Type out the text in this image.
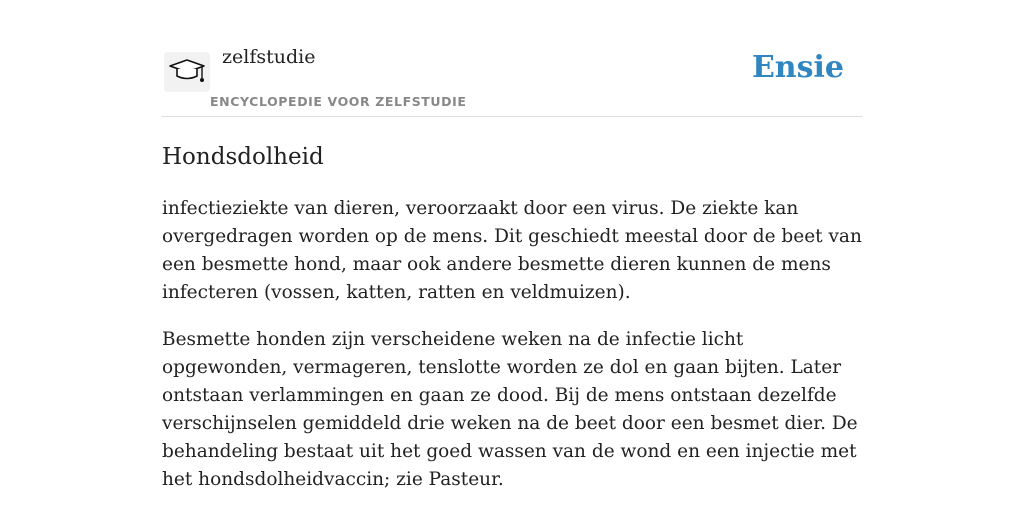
zelfstudie
ENCYCLOPEDIE VOOR ZELFSTUDIE
Ensie
Hondsdolheid

infectieziekte van dieren, veroorzaakt door een virus. De ziekte kan overgedragen worden op de mens. Dit geschiedt meestal door de beet van een besmette hond, maar ook andere besmette dieren kunnen de mens infecteren (vossen, katten, ratten en veldmuizen).

Besmette honden zijn verscheidene weken na de infectie licht opgewonden, vermageren, tenslotte worden ze dol en gaan bijten. Later ontstaan verlammingen en gaan ze dood. Bij de mens ontstaan dezelfde verschijnselen gemiddeld drie weken na de beet door een besmet dier. De behandeling bestaat uit het goed wassen van de wond en een injectie met het hondsdolheidvaccin; zie Pasteur.
